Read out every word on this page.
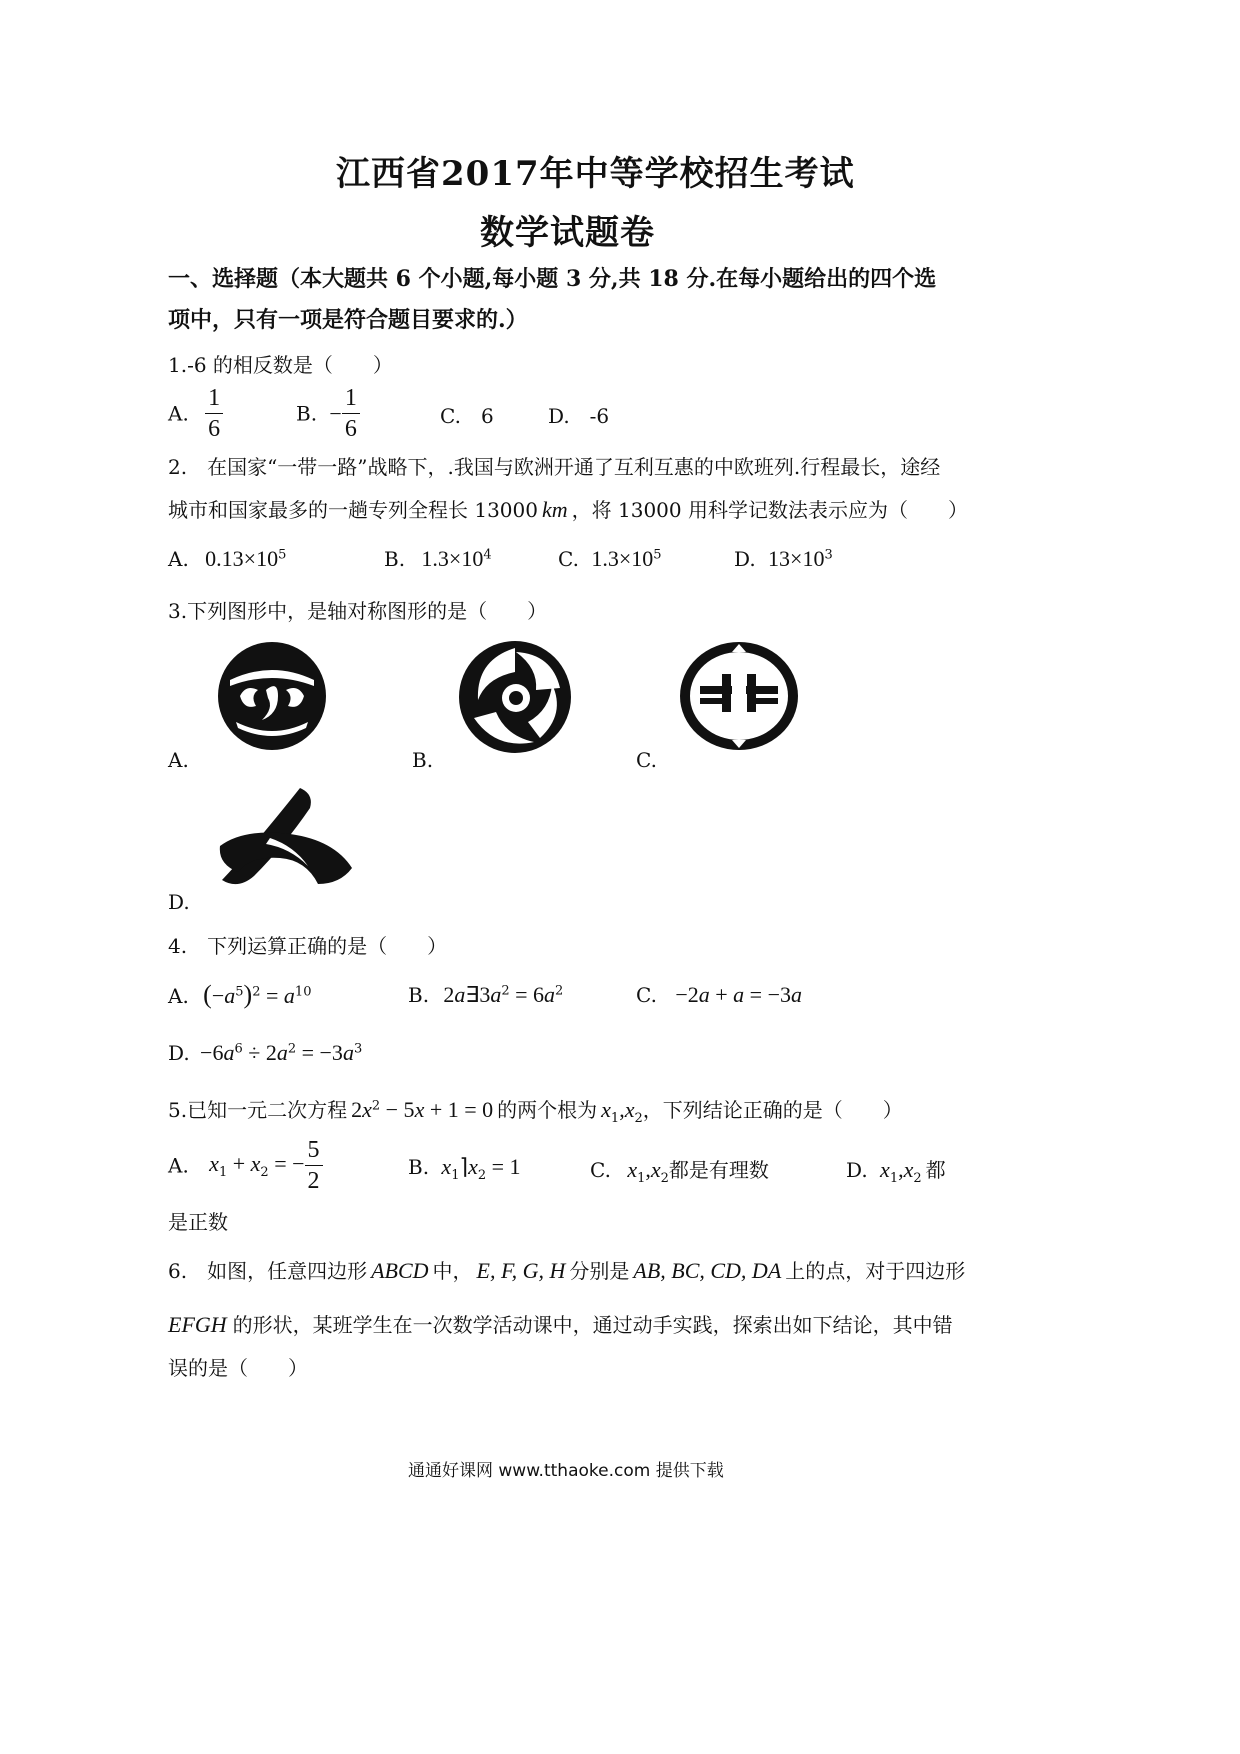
江西省2017年中等学校招生考试
数学试题卷
一、选择题（本大题共 6 个小题,每小题 3 分,共 18 分.在每小题给出的四个选
项中，只有一项是符合题目要求的.）
1.-6 的相反数是（　　）
A. $\frac{1}{6}$	B. − $\frac{1}{6}$	C.　6	D.　-6
2.　在国家“一带一路”战略下，.我国与欧洲开通了互利互惠的中欧班列.行程最长，途经
城市和国家最多的一趟专列全程长 13000 km ，将 13000 用科学记数法表示应为（　　）
A. $0.13\times 10^5$	B. $1.3\times 10^4$	C. $1.3\times 10^5$	D. $13\times 10^3$
3.下列图形中，是轴对称图形的是（　　）
A.	B.	C.
D.
4.　下列运算正确的是（　　）
A. $(-a^5)^2 = a^{10}$	B. $2a\exists 3a^2 = 6a^2$	C. −2a + a = −3a
D. $-6a^6 \div 2a^2 = -3a^3$
5.已知一元二次方程 $2x^2 - 5x + 1 = 0$ 的两个根为 $x_1,x_2$，下列结论正确的是（　　）
A. $x_1 + x_2$ = − $\frac{5}{2}$	B. $x_1⌉x_2 = 1$	C. $x_1,x_2$都是有理数	D. $x_1,x_2$ 都
是正数
6.　如图，任意四边形 ABCD 中， E, F, G, H 分别是 AB, BC, CD, DA 上的点，对于四边形
EFGH 的形状，某班学生在一次数学活动课中，通过动手实践，探索出如下结论，其中错
误的是（　　）
通通好课网 www.tthaoke.com 提供下载
